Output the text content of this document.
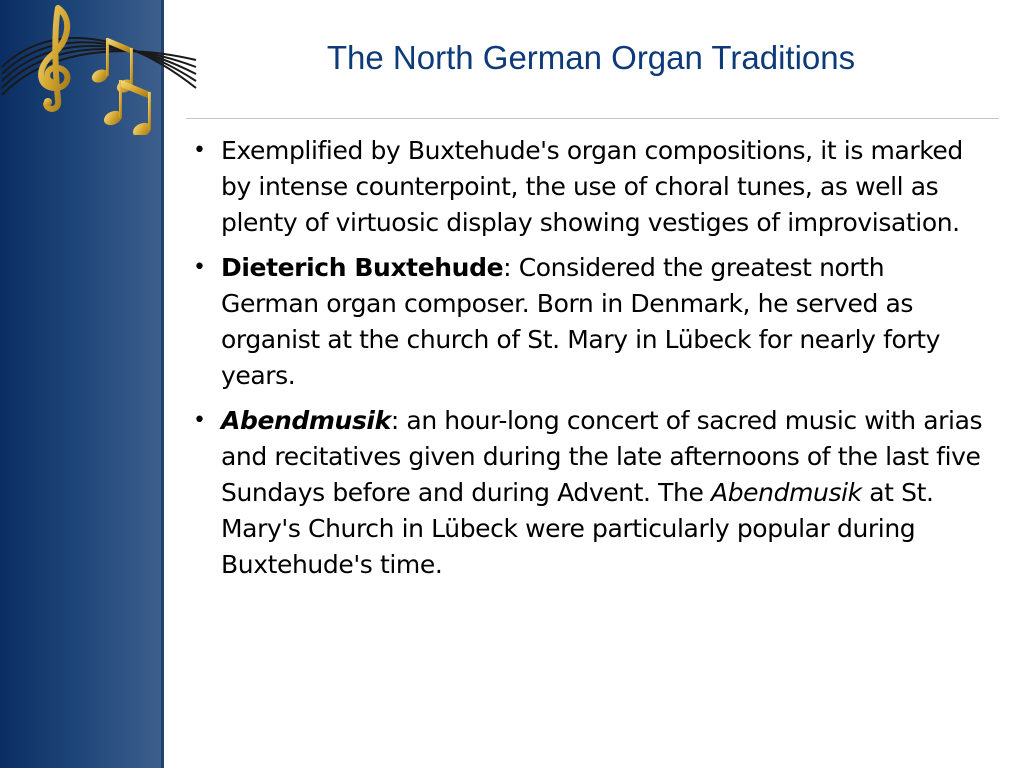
The North German Organ Traditions
• Exemplified by Buxtehude's organ compositions, it is marked by intense counterpoint, the use of choral tunes, as well as plenty of virtuosic display showing vestiges of improvisation.
• Dieterich Buxtehude: Considered the greatest north German organ composer. Born in Denmark, he served as organist at the church of St. Mary in Lübeck for nearly forty years.
• Abendmusik: an hour-long concert of sacred music with arias and recitatives given during the late afternoons of the last five Sundays before and during Advent. The Abendmusik at St. Mary's Church in Lübeck were particularly popular during Buxtehude's time.
